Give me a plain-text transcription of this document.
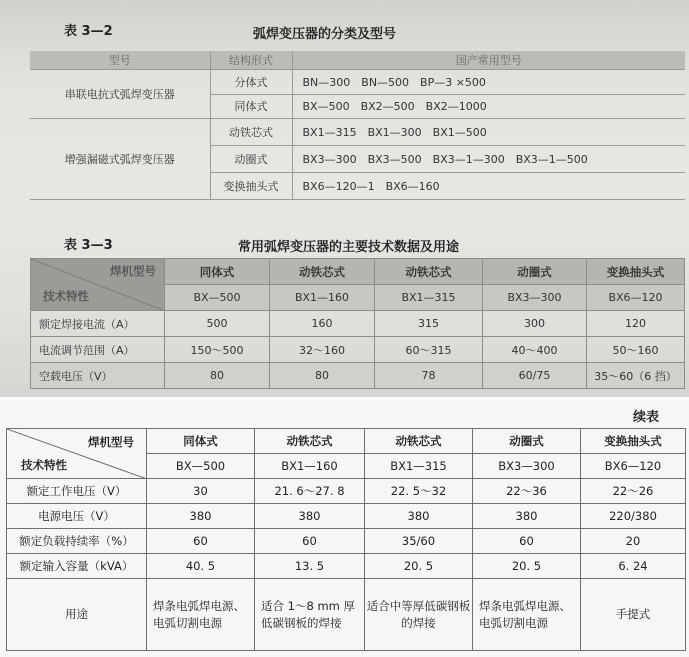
表 3—2	弧焊变压器的分类及型号
型号	结构形式	国产常用型号
串联电抗式弧焊变压器	分体式	BN—300　BN—500　BP—3 ×500
	同体式	BX—500　BX2—500　BX2—1000
增强漏磁式弧焊变压器	动铁芯式	BX1—315　BX1—300　BX1—500
	动圈式	BX3—300　BX3—500　BX3—1—300　BX3—1—500
	变换抽头式	BX6—120—1　BX6—160
表 3—3	常用弧焊变压器的主要技术数据及用途
焊机型号
技术特性	同体式	动铁芯式	动铁芯式	动圈式	变换抽头式
	BX—500	BX1—160	BX1—315	BX3—300	BX6—120
额定焊接电流（A）	500	160	315	300	120
电流调节范围（A）	150～500	32～160	60～315	40～400	50～160
空载电压（V）	80	80	78	60/75	35～60（6 挡）
续表
焊机型号
技术特性	同体式	动铁芯式	动铁芯式	动圈式	变换抽头式
	BX—500	BX1—160	BX1—315	BX3—300	BX6—120
额定工作电压（V）	30	21. 6～27. 8	22. 5～32	22～36	22～26
电源电压（V）	380	380	380	380	220/380
额定负载持续率（%）	60	60	35/60	60	20
额定输入容量（kVA）	40. 5	13. 5	20. 5	20. 5	6. 24
用途	焊条电弧焊电源、电弧切割电源	适合 1～8 mm 厚低碳钢板的焊接	适合中等厚低碳钢板的焊接	焊条电弧焊电源、电弧切割电源	手提式
